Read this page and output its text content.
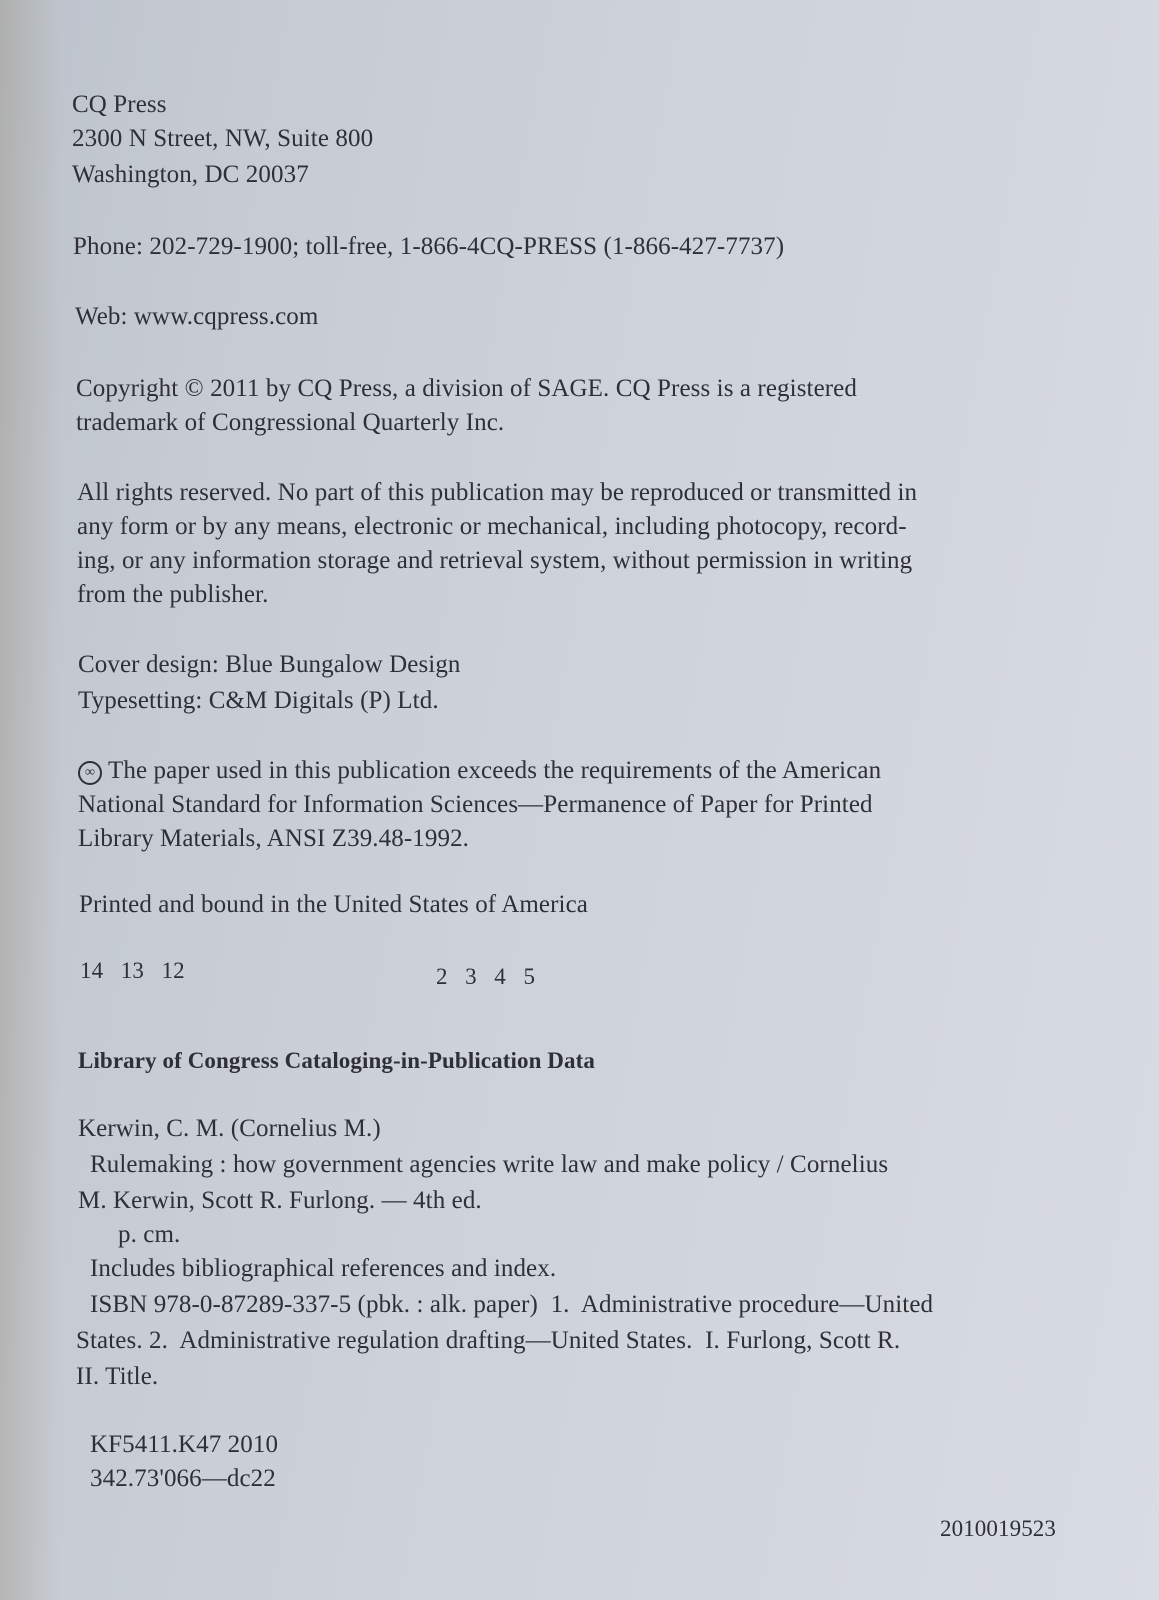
CQ Press
2300 N Street, NW, Suite 800
Washington, DC 20037
Phone: 202-729-1900; toll-free, 1-866-4CQ-PRESS (1-866-427-7737)
Web: www.cqpress.com
Copyright © 2011 by CQ Press, a division of SAGE. CQ Press is a registered
trademark of Congressional Quarterly Inc.
All rights reserved. No part of this publication may be reproduced or transmitted in
any form or by any means, electronic or mechanical, including photocopy, record-
ing, or any information storage and retrieval system, without permission in writing
from the publisher.
Cover design: Blue Bungalow Design
Typesetting: C&M Digitals (P) Ltd.
∞ The paper used in this publication exceeds the requirements of the American
National Standard for Information Sciences—Permanence of Paper for Printed
Library Materials, ANSI Z39.48-1992.
Printed and bound in the United States of America
14   13   12	2   3   4   5
Library of Congress Cataloging-in-Publication Data
Kerwin, C. M. (Cornelius M.)
Rulemaking : how government agencies write law and make policy / Cornelius
M. Kerwin, Scott R. Furlong. — 4th ed.
p. cm.
Includes bibliographical references and index.
ISBN 978-0-87289-337-5 (pbk. : alk. paper)  1.  Administrative procedure—United
States. 2.  Administrative regulation drafting—United States.  I. Furlong, Scott R.
II. Title.
KF5411.K47 2010
342.73'066—dc22
2010019523
